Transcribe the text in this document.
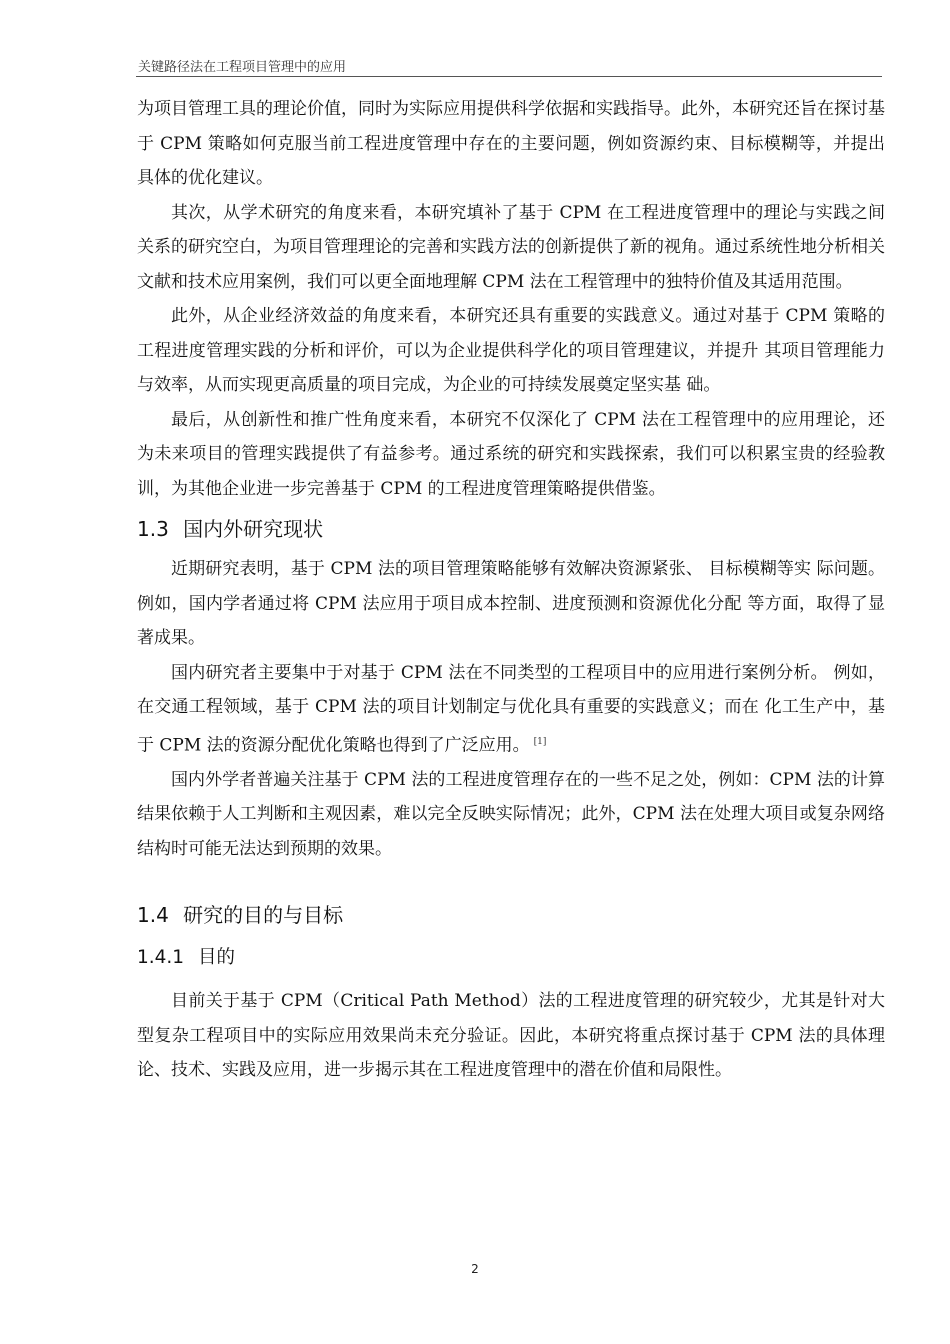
关键路径法在工程项目管理中的应用

为项目管理工具的理论价值，同时为实际应用提供科学依据和实践指导。此外，本研究还旨在探讨基于 CPM 策略如何克服当前工程进度管理中存在的主要问题，例如资源约束、目标模糊等，并提出具体的优化建议。

其次，从学术研究的角度来看，本研究填补了基于 CPM 在工程进度管理中的理论与实践之间关系的研究空白，为项目管理理论的完善和实践方法的创新提供了新的视角。通过系统性地分析相关文献和技术应用案例，我们可以更全面地理解 CPM 法在工程管理中的独特价值及其适用范围。

此外，从企业经济效益的角度来看，本研究还具有重要的实践意义。通过对基于 CPM 策略的工程进度管理实践的分析和评价，可以为企业提供科学化的项目管理建议，并提升 其项目管理能力与效率，从而实现更高质量的项目完成，为企业的可持续发展奠定坚实基 础。

最后，从创新性和推广性角度来看，本研究不仅深化了 CPM 法在工程管理中的应用理论，还为未来项目的管理实践提供了有益参考。通过系统的研究和实践探索，我们可以积累宝贵的经验教训，为其他企业进一步完善基于 CPM 的工程进度管理策略提供借鉴。

1.3 国内外研究现状

近期研究表明，基于 CPM 法的项目管理策略能够有效解决资源紧张、 目标模糊等实 际问题。例如，国内学者通过将 CPM 法应用于项目成本控制、进度预测和资源优化分配 等方面，取得了显著成果。

国内研究者主要集中于对基于 CPM 法在不同类型的工程项目中的应用进行案例分析。 例如，在交通工程领域，基于 CPM 法的项目计划制定与优化具有重要的实践意义；而在 化工生产中，基于 CPM 法的资源分配优化策略也得到了广泛应用。 [1]

国内外学者普遍关注基于 CPM 法的工程进度管理存在的一些不足之处，例如：CPM 法的计算结果依赖于人工判断和主观因素，难以完全反映实际情况；此外，CPM 法在处理大项目或复杂网络结构时可能无法达到预期的效果。

1.4 研究的目的与目标
1.4.1 目的

目前关于基于 CPM（Critical Path Method）法的工程进度管理的研究较少，尤其是针对大型复杂工程项目中的实际应用效果尚未充分验证。因此，本研究将重点探讨基于 CPM 法的具体理论、技术、实践及应用，进一步揭示其在工程进度管理中的潜在价值和局限性。

2
